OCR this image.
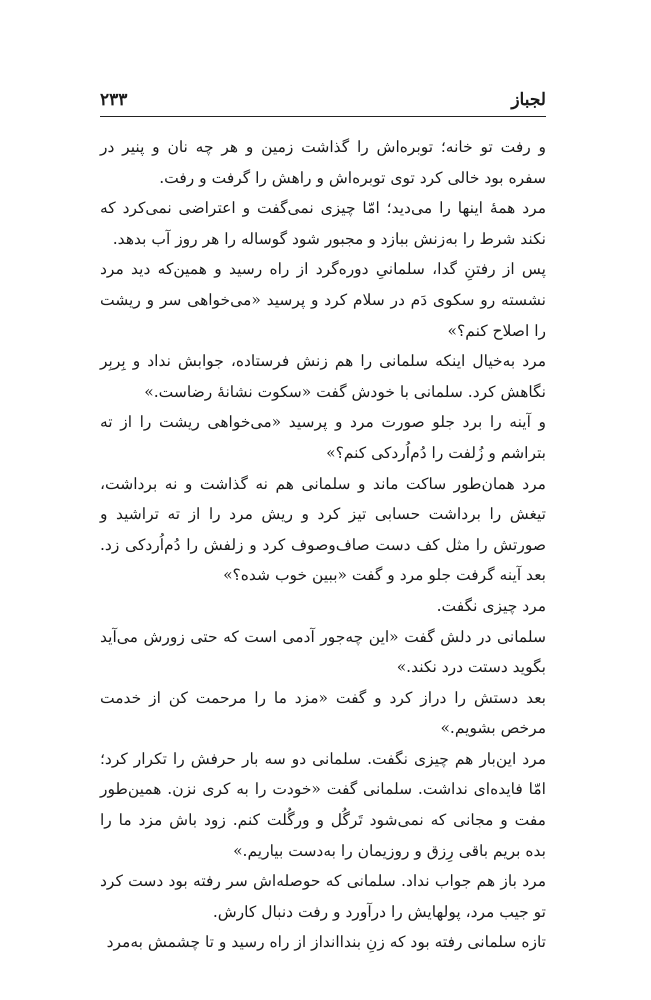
لجباز
۲۳۳

و رفت تو خانه؛ توبره‌اش را گذاشت زمین و هر چه نان و پنیر در سفره بود خالی کرد توی توبره‌اش و راهش را گرفت و رفت.

مرد همهٔ اینها را می‌دید؛ امّا چیزی نمی‌گفت و اعتراضی نمی‌کرد که نکند شرط را به‌زنش ببازد و مجبور شود گوساله را هر روز آب بدهد.

پس از رفتنِ گدا، سلمانیِ دوره‌گرد از راه رسید و همین‌که دید مرد نشسته رو سکوی دَم در سلام کرد و پرسید «می‌خواهی سر و ریشت را اصلاح کنم؟»

مرد به‌خیال اینکه سلمانی را هم زنش فرستاده، جوابش نداد و بِربِر نگاهش کرد. سلمانی با خودش گفت «سکوت نشانهٔ رضاست.»

و آینه را برد جلو صورت مرد و پرسید «می‌خواهی ریشت را از ته بتراشم و زُلفت را دُم‌اُردکی کنم؟»

مرد همان‌طور ساکت ماند و سلمانی هم نه گذاشت و نه برداشت، تیغش را برداشت حسابی تیز کرد و ریش مرد را از ته تراشید و صورتش را مثل کف دست صاف‌وصوف کرد و زلفش را دُم‌اُردکی زد. بعد آینه گرفت جلو مرد و گفت «ببین خوب شده؟»

مرد چیزی نگفت.

سلمانی در دلش گفت «این چه‌جور آدمی است که حتی زورش می‌آید بگوید دستت درد نکند.»

بعد دستش را دراز کرد و گفت «مزد ما را مرحمت کن از خدمت مرخص بشویم.»

مرد این‌بار هم چیزی نگفت. سلمانی دو سه بار حرفش را تکرار کرد؛ امّا فایده‌ای نداشت. سلمانی گفت «خودت را به کری نزن. همین‌طور مفت و مجانی که نمی‌شود تَرگُل و ورگُلت کنم. زود باش مزد ما را بده بریم باقی رِزق و روزیمان را به‌دست بیاریم.»

مرد باز هم جواب نداد. سلمانی که حوصله‌اش سر رفته بود دست کرد تو جیب مرد، پولهایش را درآورد و رفت دنبال کارش.

تازه سلمانی رفته بود که زنِ بنداانداز از راه رسید و تا چشمش به‌مرد
